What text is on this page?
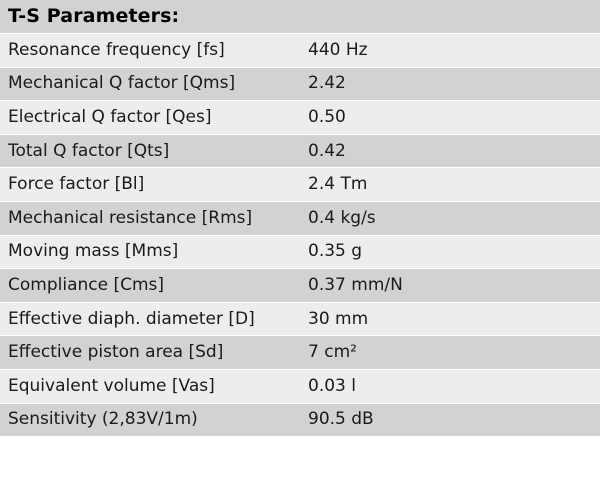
T-S Parameters:	
Resonance frequency [fs]	440 Hz
Mechanical Q factor [Qms]	2.42
Electrical Q factor [Qes]	0.50
Total Q factor [Qts]	0.42
Force factor [Bl]	2.4 Tm
Mechanical resistance [Rms]	0.4 kg/s
Moving mass [Mms]	0.35 g
Compliance [Cms]	0.37 mm/N
Effective diaph. diameter [D]	30 mm
Effective piston area [Sd]	7 cm²
Equivalent volume [Vas]	0.03 l
Sensitivity (2,83V/1m)	90.5 dB
